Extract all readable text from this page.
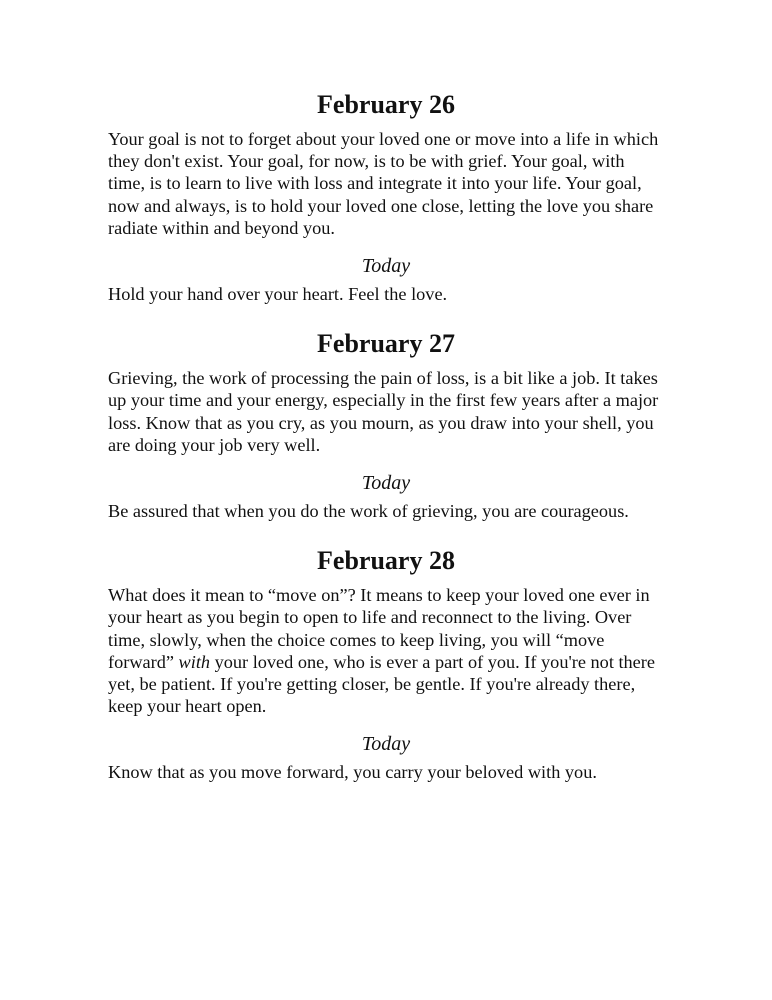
February 26

Your goal is not to forget about your loved one or move into a life in which they don't exist. Your goal, for now, is to be with grief. Your goal, with time, is to learn to live with loss and integrate it into your life. Your goal, now and always, is to hold your loved one close, letting the love you share radiate within and beyond you.

Today

Hold your hand over your heart. Feel the love.

February 27

Grieving, the work of processing the pain of loss, is a bit like a job. It takes up your time and your energy, especially in the first few years after a major loss. Know that as you cry, as you mourn, as you draw into your shell, you are doing your job very well.

Today

Be assured that when you do the work of grieving, you are courageous.

February 28

What does it mean to “move on”? It means to keep your loved one ever in your heart as you begin to open to life and reconnect to the living. Over time, slowly, when the choice comes to keep living, you will “move forward” with your loved one, who is ever a part of you. If you're not there yet, be patient. If you're getting closer, be gentle. If you're already there, keep your heart open.

Today

Know that as you move forward, you carry your beloved with you.
